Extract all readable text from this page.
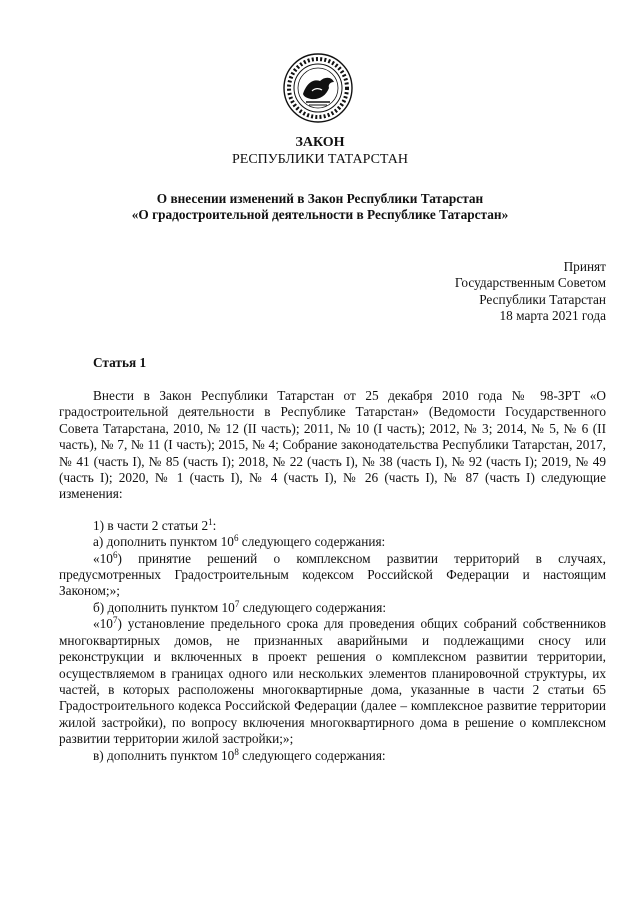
ЗАКОН
РЕСПУБЛИКИ ТАТАРСТАН
О внесении изменений в Закон Республики Татарстан
«О градостроительной деятельности в Республике Татарстан»
Принят
Государственным Советом
Республики Татарстан
18 марта 2021 года
Статья 1

Внести в Закон Республики Татарстан от 25 декабря 2010 года № 98-ЗРТ «О градостроительной деятельности в Республике Татарстан» (Ведомости Государственного Совета Татарстана, 2010, № 12 (II часть); 2011, № 10 (I часть); 2012, № 3; 2014, № 5, № 6 (II часть), № 7, № 11 (I часть); 2015, № 4; Собрание законодательства Республики Татарстан, 2017, № 41 (часть I), № 85 (часть I); 2018, № 22 (часть I), № 38 (часть I), № 92 (часть I); 2019, № 49 (часть I); 2020, № 1 (часть I), № 4 (часть I), № 26 (часть I), № 87 (часть I) следующие изменения:

1) в части 2 статьи $2^1$:

а) дополнить пунктом $10^6$ следующего содержания:

«$10^6$) принятие решений о комплексном развитии территорий в случаях, предусмотренных Градостроительным кодексом Российской Федерации и настоящим Законом;»;

б) дополнить пунктом $10^7$ следующего содержания:

«$10^7$) установление предельного срока для проведения общих собраний собственников многоквартирных домов, не признанных аварийными и подлежащими сносу или реконструкции и включенных в проект решения о комплексном развитии территории, осуществляемом в границах одного или нескольких элементов планировочной структуры, их частей, в которых расположены многоквартирные дома, указанные в части 2 статьи 65 Градостроительного кодекса Российской Федерации (далее – комплексное развитие территории жилой застройки), по вопросу включения многоквартирного дома в решение о комплексном развитии территории жилой застройки;»;

в) дополнить пунктом $10^8$ следующего содержания:
